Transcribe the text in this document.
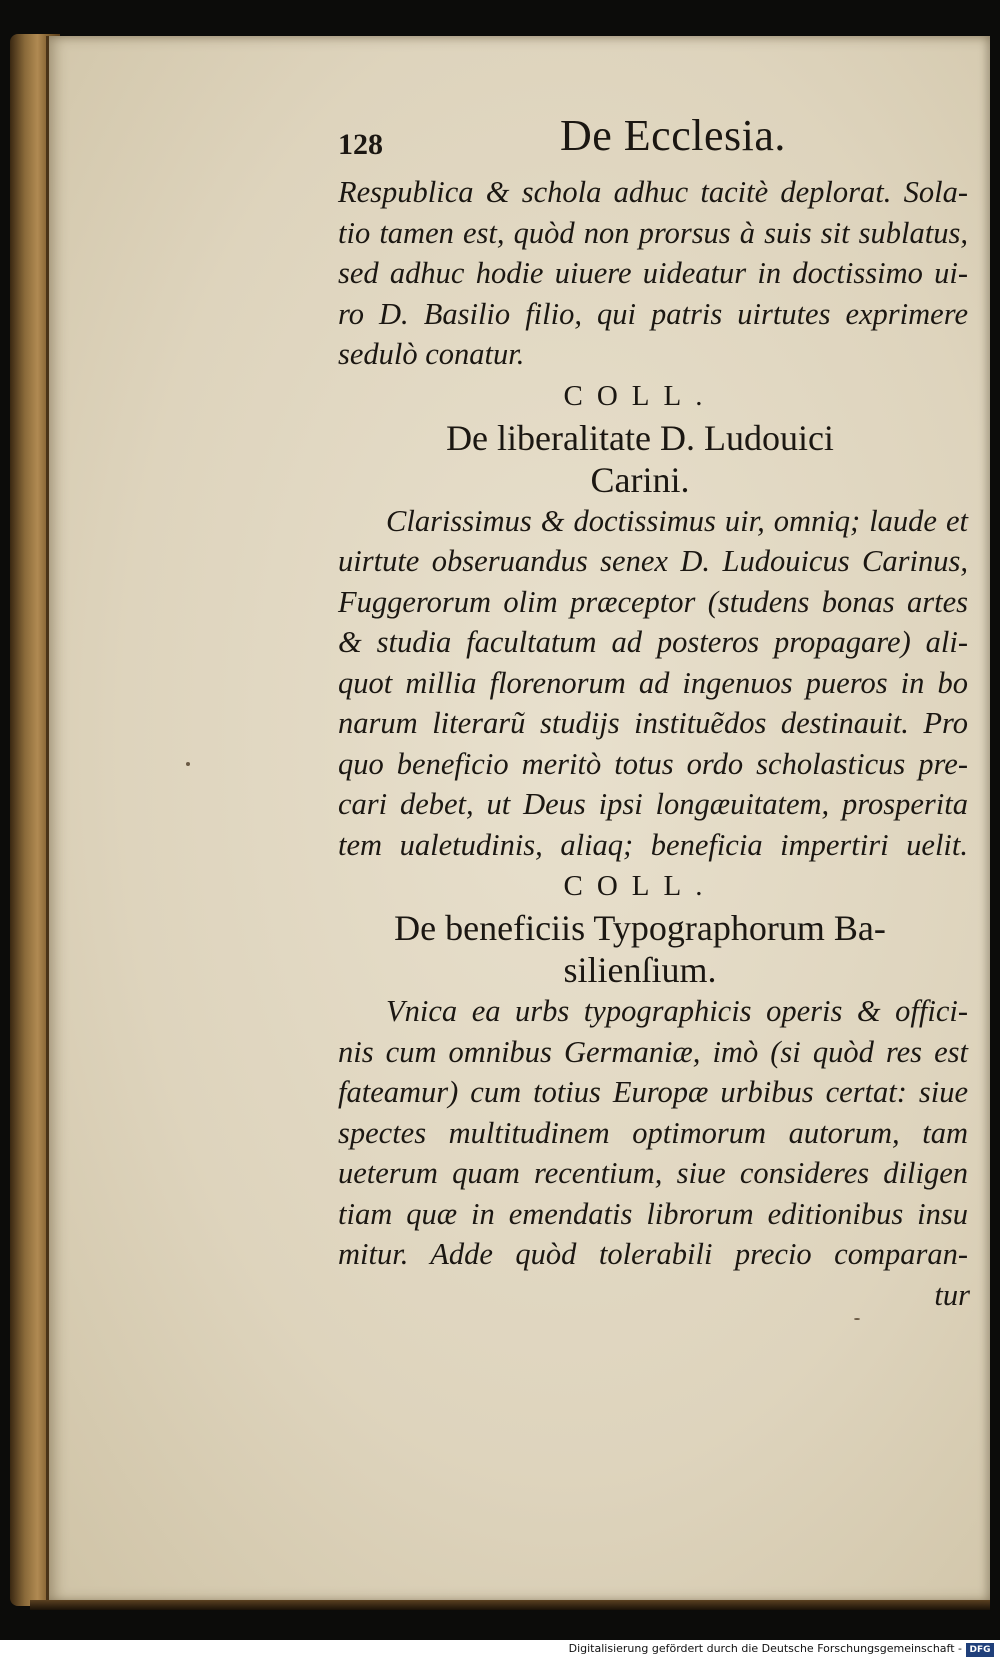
128	De Ecclesia.
Respublica & schola adhuc tacitè deplorat. Sola-
tio tamen est, quòd non prorsus à suis sit sublatus,
sed adhuc hodie uiuere uideatur in doctissimo ui-
ro D. Basilio filio, qui patris uirtutes exprimere
sedulò conatur.
COLL.
De liberalitate D. Ludouici
Carini.
Clarissimus & doctissimus uir, omniq; laude et
uirtute obseruandus senex D. Ludouicus Carinus,
Fuggerorum olim præceptor (studens bonas artes
& studia facultatum ad posteros propagare) ali-
quot millia florenorum ad ingenuos pueros in bo
narum literarũ studijs instituẽdos destinauit. Pro
quo beneficio meritò totus ordo scholasticus pre-
cari debet, ut Deus ipsi longæuitatem, prosperita
tem ualetudinis, aliaq; beneficia impertiri uelit.
COLL.
De beneficiis Typographorum Ba-
silienſium.
Vnica ea urbs typographicis operis & offici-
nis cum omnibus Germaniæ, imò (si quòd res est
fateamur) cum totius Europæ urbibus certat: siue
spectes multitudinem optimorum autorum, tam
ueterum quam recentium, siue consideres diligen
tiam quæ in emendatis librorum editionibus insu
mitur. Adde quòd tolerabili precio comparan-
tur
Digitalisierung gefördert durch die Deutsche Forschungsgemeinschaft - DFG
